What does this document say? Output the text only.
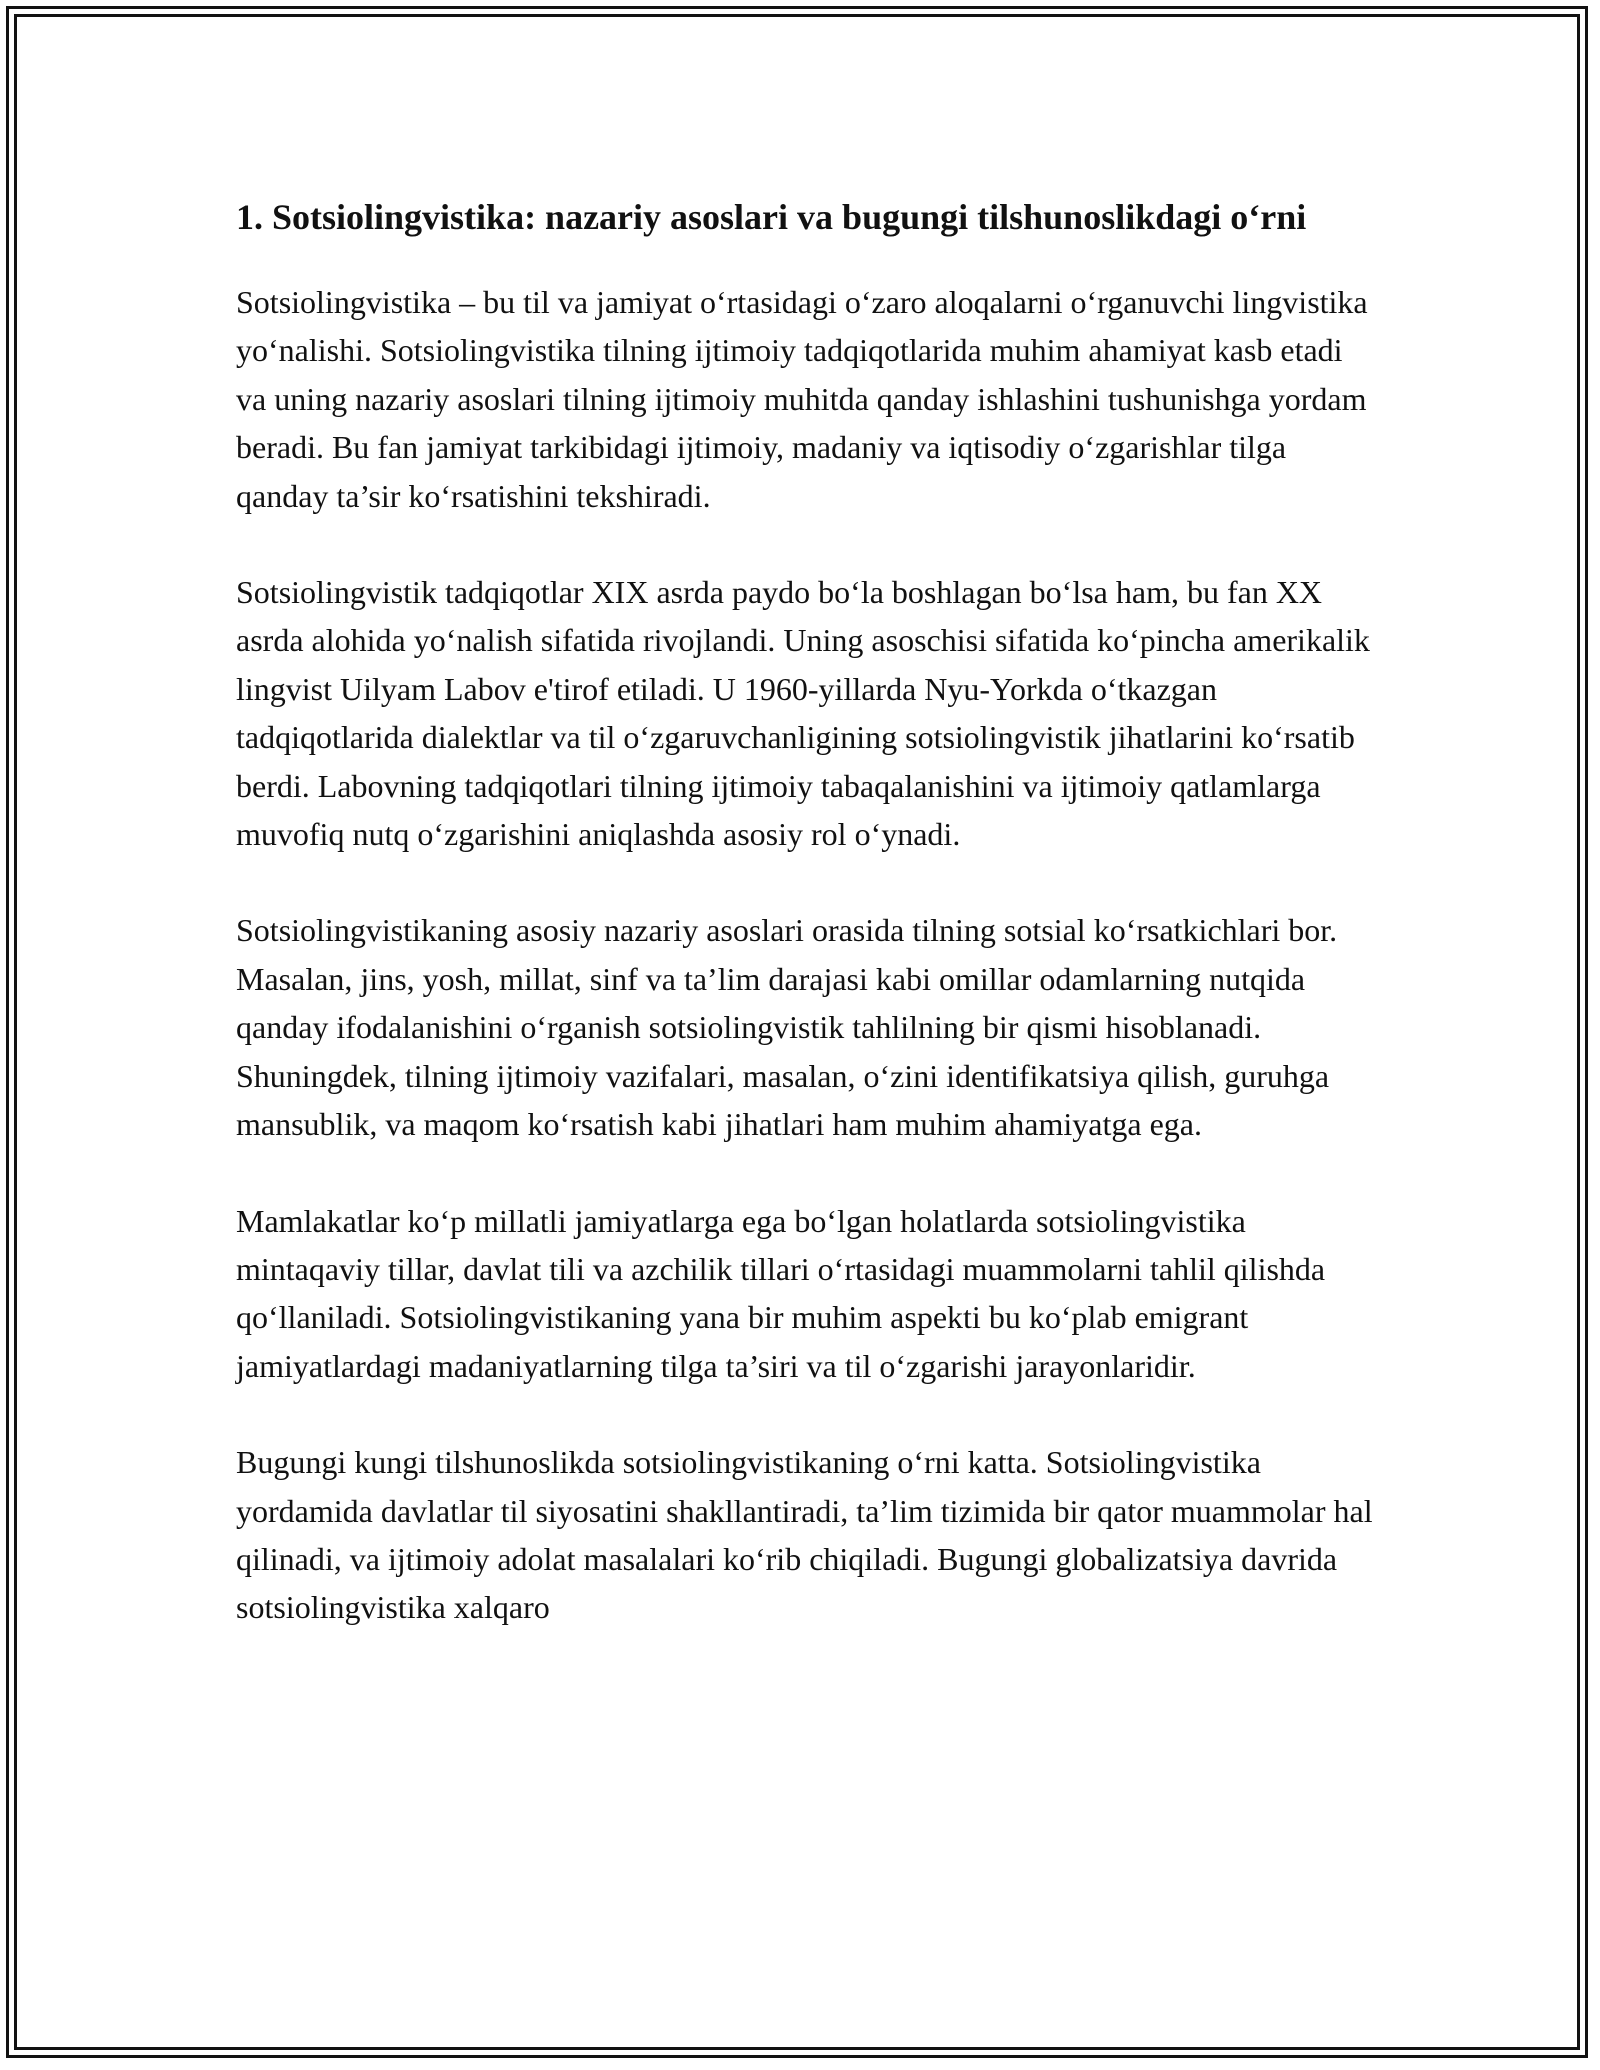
1. Sotsiolingvistika: nazariy asoslari va bugungi tilshunoslikdagi o‘rni

Sotsiolingvistika – bu til va jamiyat o‘rtasidagi o‘zaro aloqalarni o‘rganuvchi lingvistika yo‘nalishi. Sotsiolingvistika tilning ijtimoiy tadqiqotlarida muhim ahamiyat kasb etadi va uning nazariy asoslari tilning ijtimoiy muhitda qanday ishlashini tushunishga yordam beradi. Bu fan jamiyat tarkibidagi ijtimoiy, madaniy va iqtisodiy o‘zgarishlar tilga qanday ta’sir ko‘rsatishini tekshiradi.

Sotsiolingvistik tadqiqotlar XIX asrda paydo bo‘la boshlagan bo‘lsa ham, bu fan XX asrda alohida yo‘nalish sifatida rivojlandi. Uning asoschisi sifatida ko‘pincha amerikalik lingvist Uilyam Labov e'tirof etiladi. U 1960-yillarda Nyu-Yorkda o‘tkazgan tadqiqotlarida dialektlar va til o‘zgaruvchanligining sotsiolingvistik jihatlarini ko‘rsatib berdi. Labovning tadqiqotlari tilning ijtimoiy tabaqalanishini va ijtimoiy qatlamlarga muvofiq nutq o‘zgarishini aniqlashda asosiy rol o‘ynadi.

Sotsiolingvistikaning asosiy nazariy asoslari orasida tilning sotsial ko‘rsatkichlari bor. Masalan, jins, yosh, millat, sinf va ta’lim darajasi kabi omillar odamlarning nutqida qanday ifodalanishini o‘rganish sotsiolingvistik tahlilning bir qismi hisoblanadi. Shuningdek, tilning ijtimoiy vazifalari, masalan, o‘zini identifikatsiya qilish, guruhga mansublik, va maqom ko‘rsatish kabi jihatlari ham muhim ahamiyatga ega.

Mamlakatlar ko‘p millatli jamiyatlarga ega bo‘lgan holatlarda sotsiolingvistika mintaqaviy tillar, davlat tili va azchilik tillari o‘rtasidagi muammolarni tahlil qilishda qo‘llaniladi. Sotsiolingvistikaning yana bir muhim aspekti bu ko‘plab emigrant jamiyatlardagi madaniyatlarning tilga ta’siri va til o‘zgarishi jarayonlaridir.

Bugungi kungi tilshunoslikda sotsiolingvistikaning o‘rni katta. Sotsiolingvistika yordamida davlatlar til siyosatini shakllantiradi, ta’lim tizimida bir qator muammolar hal qilinadi, va ijtimoiy adolat masalalari ko‘rib chiqiladi. Bugungi globalizatsiya davrida sotsiolingvistika xalqaro
